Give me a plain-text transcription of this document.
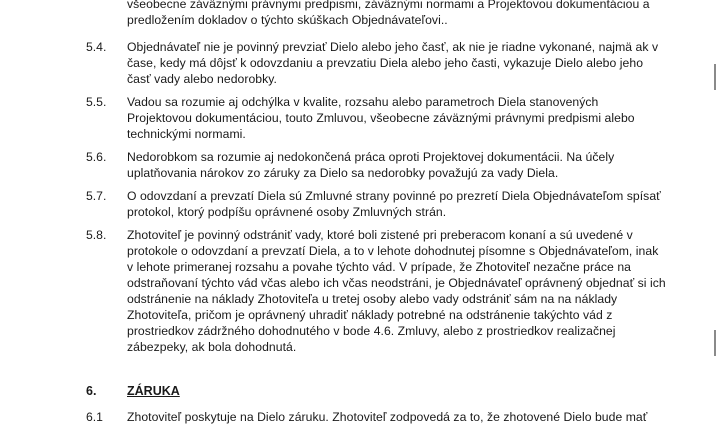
všeobecne záväznými právnymi predpismi, záväznými normami a Projektovou dokumentáciou a
predložením dokladov o týchto skúškach Objednávateľovi..
5.4. Objednávateľ nie je povinný prevziať Dielo alebo jeho časť, ak nie je riadne vykonané, najmä ak v
čase, kedy má dôjsť k odovzdaniu a prevzatiu Diela alebo jeho časti, vykazuje Dielo alebo jeho
časť vady alebo nedorobky.
5.5. Vadou sa rozumie aj odchýlka v kvalite, rozsahu alebo parametroch Diela stanovených
Projektovou dokumentáciou, touto Zmluvou, všeobecne záväznými právnymi predpismi alebo
technickými normami.
5.6. Nedorobkom sa rozumie aj nedokončená práca oproti Projektovej dokumentácii. Na účely
uplatňovania nárokov zo záruky za Dielo sa nedorobky považujú za vady Diela.
5.7. O odovzdaní a prevzatí Diela sú Zmluvné strany povinné po prezretí Diela Objednávateľom spísať
protokol, ktorý podpíšu oprávnené osoby Zmluvných strán.
5.8. Zhotoviteľ je povinný odstrániť vady, ktoré boli zistené pri preberacom konaní a sú uvedené v
protokole o odovzdaní a prevzatí Diela, a to v lehote dohodnutej písomne s Objednávateľom, inak
v lehote primeranej rozsahu a povahe týchto vád. V prípade, že Zhotoviteľ nezačne práce na
odstraňovaní týchto vád včas alebo ich včas neodstráni, je Objednávateľ oprávnený objednať si ich
odstránenie na náklady Zhotoviteľa u tretej osoby alebo vady odstrániť sám na na náklady
Zhotoviteľa, pričom je oprávnený uhradiť náklady potrebné na odstránenie takýchto vád z
prostriedkov zádržného dohodnutého v bode 4.6. Zmluvy, alebo z prostriedkov realizačnej
zábezpeky, ak bola dohodnutá.
6. ZÁRUKA
6.1 Zhotoviteľ poskytuje na Dielo záruku. Zhotoviteľ zodpovedá za to, že zhotovené Dielo bude mať
